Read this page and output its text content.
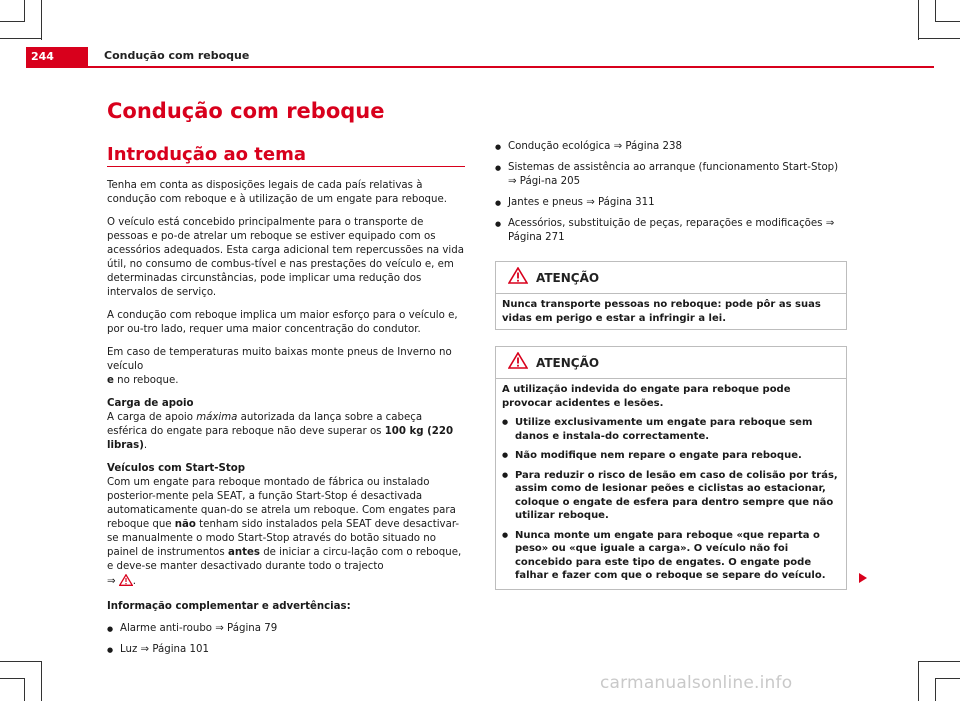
244	Condução com reboque
Condução com reboque
Introdução ao tema

Tenha em conta as disposições legais de cada país relativas à condução com reboque e à utilização de um engate para reboque.

O veículo está concebido principalmente para o transporte de pessoas e po-de atrelar um reboque se estiver equipado com os acessórios adequados. Esta carga adicional tem repercussões na vida útil, no consumo de combus-tível e nas prestações do veículo e, em determinadas circunstâncias, pode implicar uma redução dos intervalos de serviço.

A condução com reboque implica um maior esforço para o veículo e, por ou-tro lado, requer uma maior concentração do condutor.

Em caso de temperaturas muito baixas monte pneus de Inverno no veículo
e no reboque.

Carga de apoio

A carga de apoio máxima autorizada da lança sobre a cabeça esférica do engate para reboque não deve superar os 100 kg (220 libras).

Veículos com Start-Stop

Com um engate para reboque montado de fábrica ou instalado posterior-mente pela SEAT, a função Start-Stop é desactivada automaticamente quan-do se atrela um reboque. Com engates para reboque que não tenham sido instalados pela SEAT deve desactivar-se manualmente o modo Start-Stop através do botão situado no painel de instrumentos antes de iniciar a circu-lação com o reboque, e deve-se manter desactivado durante todo o trajecto
⇒ .

Informação complementar e advertências:
● Alarme anti-roubo ⇒ Página 79
● Luz ⇒ Página 101
● Condução ecológica ⇒ Página 238
● Sistemas de assistência ao arranque (funcionamento Start-Stop) ⇒ Pági-na 205
● Jantes e pneus ⇒ Página 311
● Acessórios, substituição de peças, reparações e modificações ⇒ Página 271
ATENÇÃO
Nunca transporte pessoas no reboque: pode pôr as suas vidas em perigo e estar a infringir a lei.
ATENÇÃO

A utilização indevida do engate para reboque pode provocar acidentes e lesões.

● Utilize exclusivamente um engate para reboque sem danos e instala-do correctamente.
● Não modifique nem repare o engate para reboque.
● Para reduzir o risco de lesão em caso de colisão por trás, assim como de lesionar peões e ciclistas ao estacionar, coloque o engate de esfera para dentro sempre que não utilizar reboque.
● Nunca monte um engate para reboque «que reparta o peso» ou «que iguale a carga». O veículo não foi concebido para este tipo de engates. O engate pode falhar e fazer com que o reboque se separe do veículo.
carmanualsonline.info
